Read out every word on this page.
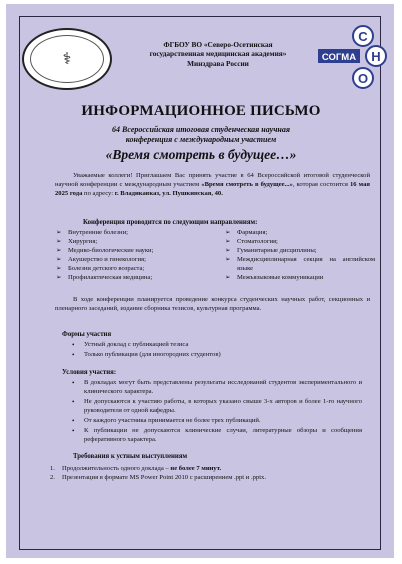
⚕
ФГБОУ ВО «Северо-Осетинская
государственная медицинская академия»
Минздрава России
С
Н
О
СОГМА
ИНФОРМАЦИОННОЕ ПИСЬМО
64 Всероссийская итоговая студенческая научная
конференция с международным участием
«Время смотреть в будущее…»
Уважаемые коллеги! Приглашаем Вас принять участие в 64 Всероссийской итоговой студенческой научной конференции с международным участием «Время смотреть в будущее...», которая состоится 16 мая 2025 года по адресу: г. Владикавказ, ул. Пушкинская, 40.
Конференция проводится по следующим направлениям:
➢ Внутренние болезни;
➢ Хирургия;
➢ Медико-биологические науки;
➢ Акушерство и гинекология;
➢ Болезни детского возраста;
➢ Профилактическая медицина;
➢ Фармация;
➢ Стоматология;
➢ Гуманитарные дисциплины;
➢ Междисциплинарная секция на английском языке
➢ Межъязыковые коммуникации
В ходе конференции планируется проведение конкурса студенческих научных работ, секционных и пленарного заседаний, издание сборника тезисов, культурная программа.
Формы участия
•	Устный доклад с публикацией тезиса
•	Только публикация (для иногородних студентов)
Условия участия:
•	В докладах могут быть представлены результаты исследований студентов экспериментального и клинического характера.
•	Не допускаются к участию работы, в которых указано свыше 3-х авторов и более 1-го научного руководителя от одной кафедры.
•	От каждого участника принимается не более трех публикаций.
•	К публикации не допускаются клинические случаи, литературные обзоры и сообщения реферативного характера.
Требования к устным выступлениям
1.	Продолжительность одного доклада – не более 7 минут.
2.	Презентация в формате MS Power Point 2010 с расширением .ppt и .pptx.
